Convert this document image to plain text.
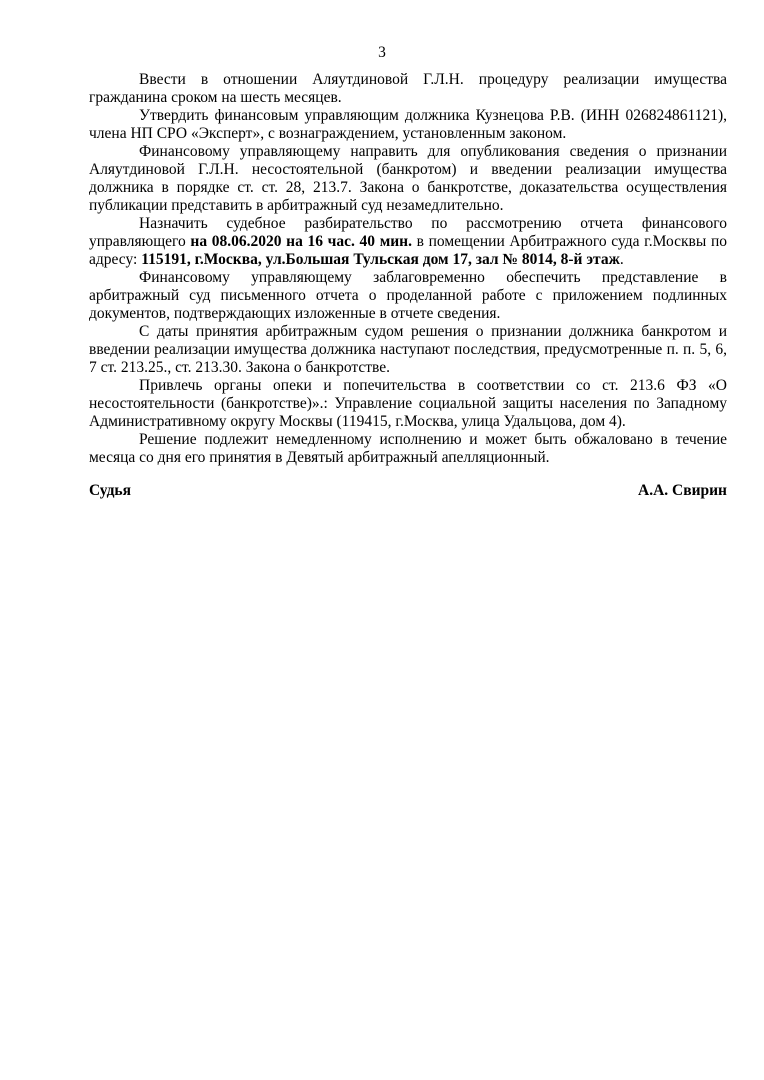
3

Ввести в отношении Аляутдиновой Г.Л.Н. процедуру реализации имущества гражданина сроком на шесть месяцев.

Утвердить финансовым управляющим должника Кузнецова Р.В. (ИНН 026824861121), члена НП СРО «Эксперт», с вознаграждением, установленным законом.

Финансовому управляющему направить для опубликования сведения о признании Аляутдиновой Г.Л.Н. несостоятельной (банкротом) и введении реализации имущества должника в порядке ст. ст. 28, 213.7. Закона о банкротстве, доказательства осуществления публикации представить в арбитражный суд незамедлительно.

Назначить судебное разбирательство по рассмотрению отчета финансового управляющего на 08.06.2020 на 16 час. 40 мин. в помещении Арбитражного суда г.Москвы по адресу: 115191, г.Москва, ул.Большая Тульская дом 17, зал № 8014, 8-й этаж.

Финансовому управляющему заблаговременно обеспечить представление в арбитражный суд письменного отчета о проделанной работе с приложением подлинных документов, подтверждающих изложенные в отчете сведения.

С даты принятия арбитражным судом решения о признании должника банкротом и введении реализации имущества должника наступают последствия, предусмотренные п. п. 5, 6, 7 ст. 213.25., ст. 213.30. Закона о банкротстве.

Привлечь органы опеки и попечительства в соответствии со ст. 213.6 ФЗ «О несостоятельности (банкротстве)».: Управление социальной защиты населения по Западному Административному округу Москвы (119415, г.Москва, улица Удальцова, дом 4).

Решение подлежит немедленному исполнению и может быть обжаловано в течение месяца со дня его принятия в Девятый арбитражный апелляционный.

Судья	А.А. Свирин
